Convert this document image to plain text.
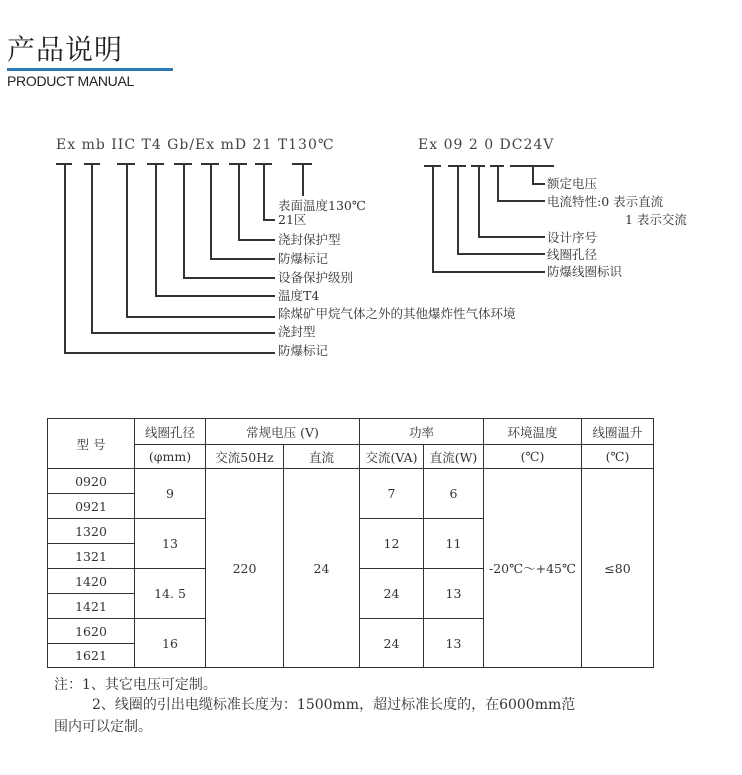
产品说明
PRODUCT MANUAL
Ex mb IIC T4 Gb/Ex mD 21 T130℃
表面温度130℃
21区
浇封保护型
防爆标记
设备保护级别
温度T4
除煤矿甲烷气体之外的其他爆炸性气体环境
浇封型
防爆标记
Ex 09 2 0 DC24V
额定电压
电流特性:0 表示直流
1 表示交流
设计序号
线圈孔径
防爆线圈标识
型 号	线圈孔径	常规电压 (V)		功率		环境温度	线圈温升
	(φmm)	交流50Hz	直流	交流(VA)	直流(W)	(℃)	(℃)
0920	9	220	24	7	6	-20℃～+45℃	≤80
0921							
1320	13			12	11		
1321							
1420	14. 5			24	13		
1421							
1620	16			24	13		
1621							
注：1、其它电压可定制。
2、线圈的引出电缆标准长度为：1500mm，超过标准长度的，在6000mm范
围内可以定制。
